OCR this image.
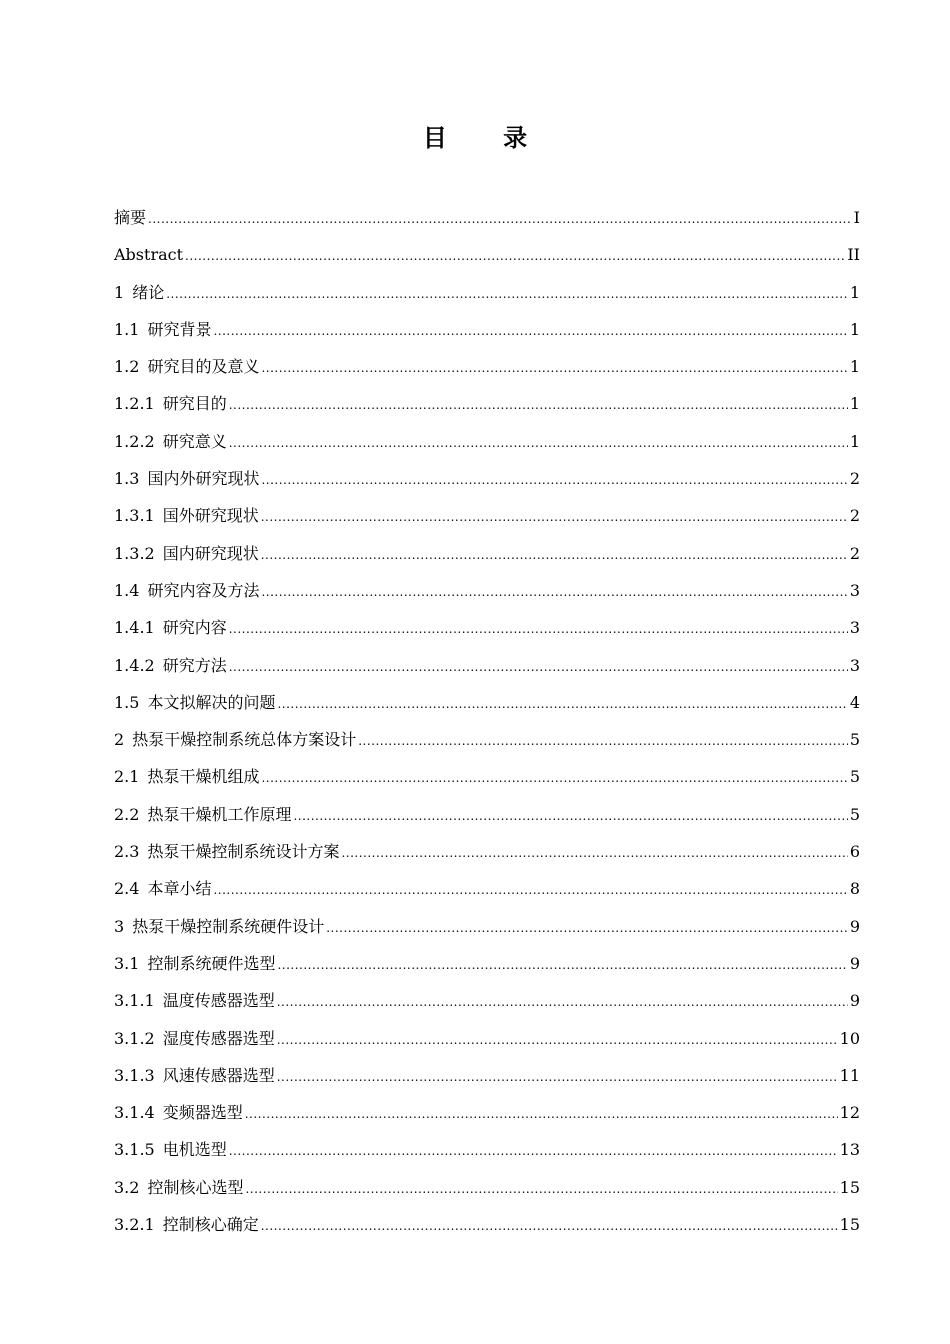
目 录
摘要 .....	I
Abstract .....	II
1 绪论 .....	1
1.1 研究背景 .....	1
1.2 研究目的及意义 .....	1
1.2.1 研究目的 .....	1
1.2.2 研究意义 .....	1
1.3 国内外研究现状 .....	2
1.3.1 国外研究现状 .....	2
1.3.2 国内研究现状 .....	2
1.4 研究内容及方法 .....	3
1.4.1 研究内容 .....	3
1.4.2 研究方法 .....	3
1.5 本文拟解决的问题 .....	4
2 热泵干燥控制系统总体方案设计 .....	5
2.1 热泵干燥机组成 .....	5
2.2 热泵干燥机工作原理 .....	5
2.3 热泵干燥控制系统设计方案 .....	6
2.4 本章小结 .....	8
3 热泵干燥控制系统硬件设计 .....	9
3.1 控制系统硬件选型 .....	9
3.1.1 温度传感器选型 .....	9
3.1.2 湿度传感器选型 .....	10
3.1.3 风速传感器选型 .....	11
3.1.4 变频器选型 .....	12
3.1.5 电机选型 .....	13
3.2 控制核心选型 .....	15
3.2.1 控制核心确定 .....	15
